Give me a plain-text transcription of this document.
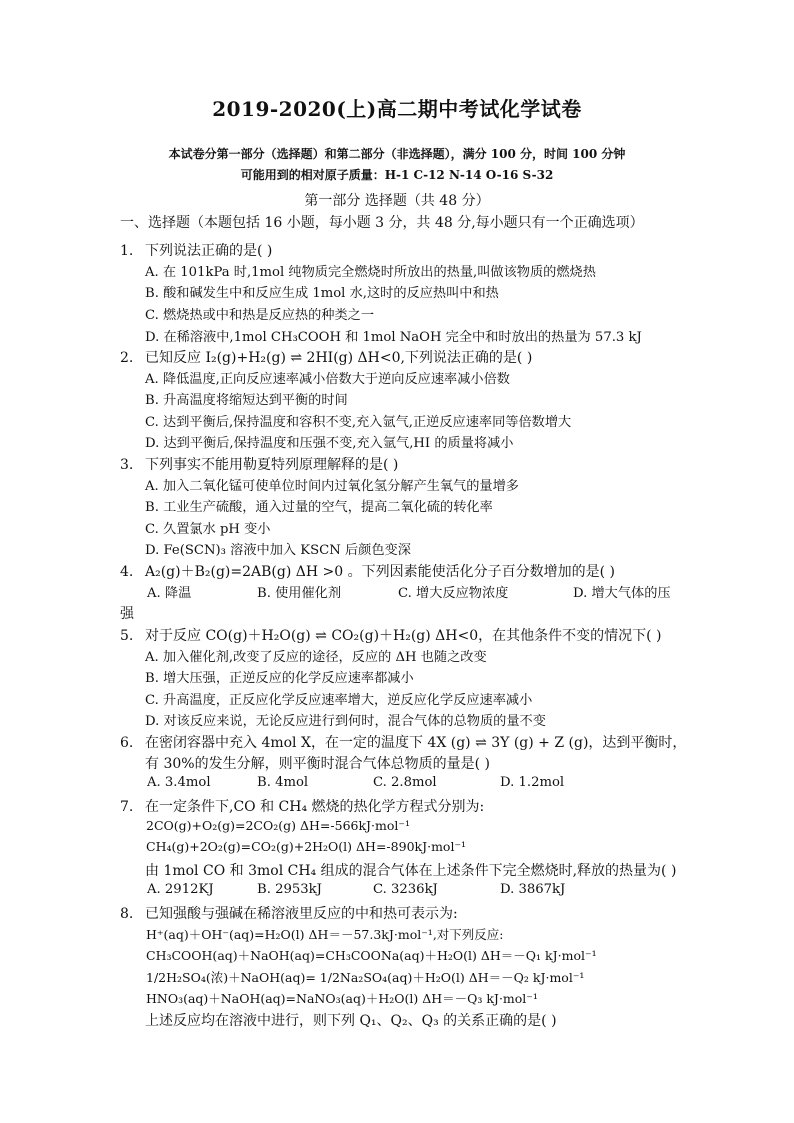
2019-2020(上)高二期中考试化学试卷
本试卷分第一部分（选择题）和第二部分（非选择题），满分 100 分，时间 100 分钟
可能用到的相对原子质量：H-1 C-12 N-14 O-16 S-32
第一部分 选择题（共 48 分）
一、选择题（本题包括 16 小题，每小题 3 分，共 48 分,每小题只有一个正确选项）
1. 下列说法正确的是( )
A. 在 101kPa 时,1mol 纯物质完全燃烧时所放出的热量,叫做该物质的燃烧热
B. 酸和碱发生中和反应生成 1mol 水,这时的反应热叫中和热
C. 燃烧热或中和热是反应热的种类之一
D. 在稀溶液中,1mol CH₃COOH 和 1mol NaOH 完全中和时放出的热量为 57.3 kJ
2. 已知反应 I₂(g)+H₂(g) ⇌ 2HI(g) ΔH<0,下列说法正确的是( )
A. 降低温度,正向反应速率减小倍数大于逆向反应速率减小倍数
B. 升高温度将缩短达到平衡的时间
C. 达到平衡后,保持温度和容积不变,充入氩气,正逆反应速率同等倍数增大
D. 达到平衡后,保持温度和压强不变,充入氩气,HI 的质量将减小
3. 下列事实不能用勒夏特列原理解释的是( )
A. 加入二氧化锰可使单位时间内过氧化氢分解产生氧气的量增多
B. 工业生产硫酸，通入过量的空气，提高二氧化硫的转化率
C. 久置氯水 pH 变小
D. Fe(SCN)₃ 溶液中加入 KSCN 后颜色变深
4. A₂(g)＋B₂(g)=2AB(g) ΔH >0 。下列因素能使活化分子百分数增加的是( )
A. 降温	B. 使用催化剂	C. 增大反应物浓度	D. 增大气体的压
强
5. 对于反应 CO(g)＋H₂O(g) ⇌ CO₂(g)＋H₂(g) ΔH<0，在其他条件不变的情况下( )
A. 加入催化剂,改变了反应的途径，反应的 ΔH 也随之改变
B. 增大压强，正逆反应的化学反应速率都减小
C. 升高温度，正反应化学反应速率增大，逆反应化学反应速率减小
D. 对该反应来说，无论反应进行到何时，混合气体的总物质的量不变
6. 在密闭容器中充入 4mol X，在一定的温度下 4X (g) ⇌ 3Y (g) + Z (g)，达到平衡时，
有 30%的发生分解，则平衡时混合气体总物质的量是( )
A. 3.4mol	B. 4mol	C. 2.8mol	D. 1.2mol
7. 在一定条件下,CO 和 CH₄ 燃烧的热化学方程式分别为:
2CO(g)+O₂(g)=2CO₂(g) ΔH=-566kJ·mol⁻¹
CH₄(g)+2O₂(g)=CO₂(g)+2H₂O(l) ΔH=-890kJ·mol⁻¹
由 1mol CO 和 3mol CH₄ 组成的混合气体在上述条件下完全燃烧时,释放的热量为( )
A. 2912KJ	B. 2953kJ	C. 3236kJ	D. 3867kJ
8. 已知强酸与强碱在稀溶液里反应的中和热可表示为:
H⁺(aq)＋OH⁻(aq)=H₂O(l) ΔH＝－57.3kJ·mol⁻¹,对下列反应:
CH₃COOH(aq)＋NaOH(aq)=CH₃COONa(aq)＋H₂O(l) ΔH＝－Q₁ kJ·mol⁻¹
1/2H₂SO₄(浓)＋NaOH(aq)= 1/2Na₂SO₄(aq)＋H₂O(l) ΔH＝－Q₂ kJ·mol⁻¹
HNO₃(aq)＋NaOH(aq)=NaNO₃(aq)＋H₂O(l) ΔH＝－Q₃ kJ·mol⁻¹
上述反应均在溶液中进行，则下列 Q₁、Q₂、Q₃ 的关系正确的是( )
